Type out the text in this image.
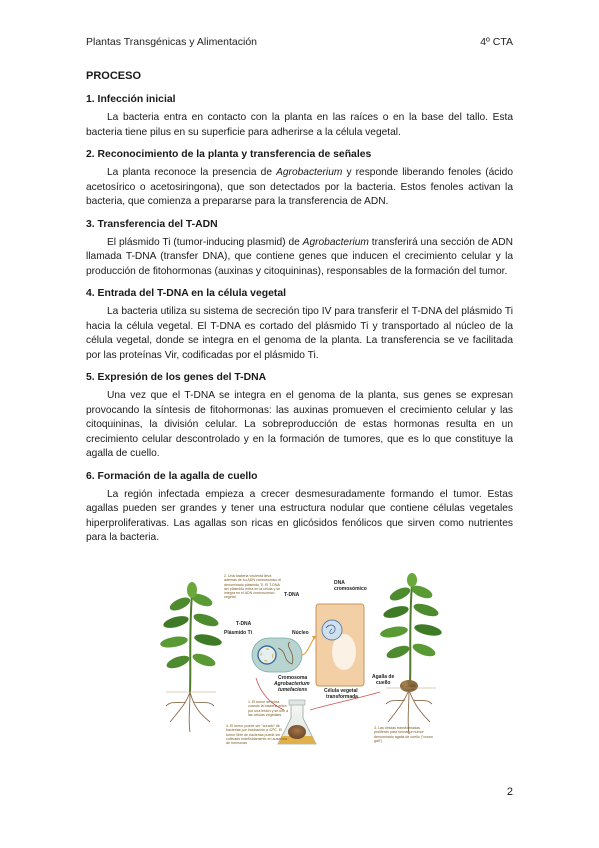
Plantas Transgénicas y Alimentación	4º CTA
PROCESO
1. Infección inicial

La bacteria entra en contacto con la planta en las raíces o en la base del tallo. Esta bacteria tiene pilus en su superficie para adherirse a la célula vegetal.

2. Reconocimiento de la planta y transferencia de señales

La planta reconoce la presencia de Agrobacterium y responde liberando fenoles (ácido acetosírico o acetosiringona), que son detectados por la bacteria. Estos fenoles activan la bacteria, que comienza a prepararse para la transferencia de ADN.

3. Transferencia del T-ADN

El plásmido Ti (tumor-inducing plasmid) de Agrobacterium transferirá una sección de ADN llamada T-DNA (transfer DNA), que contiene genes que inducen el crecimiento celular y la producción de fitohormonas (auxinas y citoquininas), responsables de la formación del tumor.

4. Entrada del T-DNA en la célula vegetal

La bacteria utiliza su sistema de secreción tipo IV para transferir el T-DNA del plásmido Ti hacia la célula vegetal. El T-DNA es cortado del plásmido Ti y transportado al núcleo de la célula vegetal, donde se integra en el genoma de la planta. La transferencia se ve facilitada por las proteínas Vir, codificadas por el plásmido Ti.

5. Expresión de los genes del T-DNA

Una vez que el T-DNA se integra en el genoma de la planta, sus genes se expresan provocando la síntesis de fitohormonas: las auxinas promueven el crecimiento celular y las citoquininas, la división celular. La sobreproducción de estas hormonas resulta en un crecimiento celular descontrolado y en la formación de tumores, que es lo que constituye la agalla de cuello.

6. Formación de la agalla de cuello

La región infectada empieza a crecer desmesuradamente formando el tumor. Estas agallas pueden ser grandes y tener una estructura nodular que contiene células vegetales hiperproliferativas. Las agallas son ricas en glicósidos fenólicos que sirven como nutrientes para la bacteria.

T-DNA
Plásmido Ti
T-DNA
Cromosoma
Agrobacterium
tumefaciens
Núcleo
DNA
cromosómico
Célula vegetal
transformada
Agalla de
cuello
2. Una bacteria virulenta lleva además de su ADN cromosómico el denominado plásmido Ti. El T-DNA del plásmido entra en la célula y se integra en el ADN cromosómico vegetal
1. El tumor se inicia cuando la bacteria entra por una lesión y se une a las células vegetales
4. El tumor puede ser "curado" de bacterias por incubación a 42ºC. El tumor libre de bacterias puede ser cultivado indefinidamente en ausencia de hormonas
3. Las células transformadas proliferan para formar un tumor denominado agalla de cuello ("crown gall")
2
